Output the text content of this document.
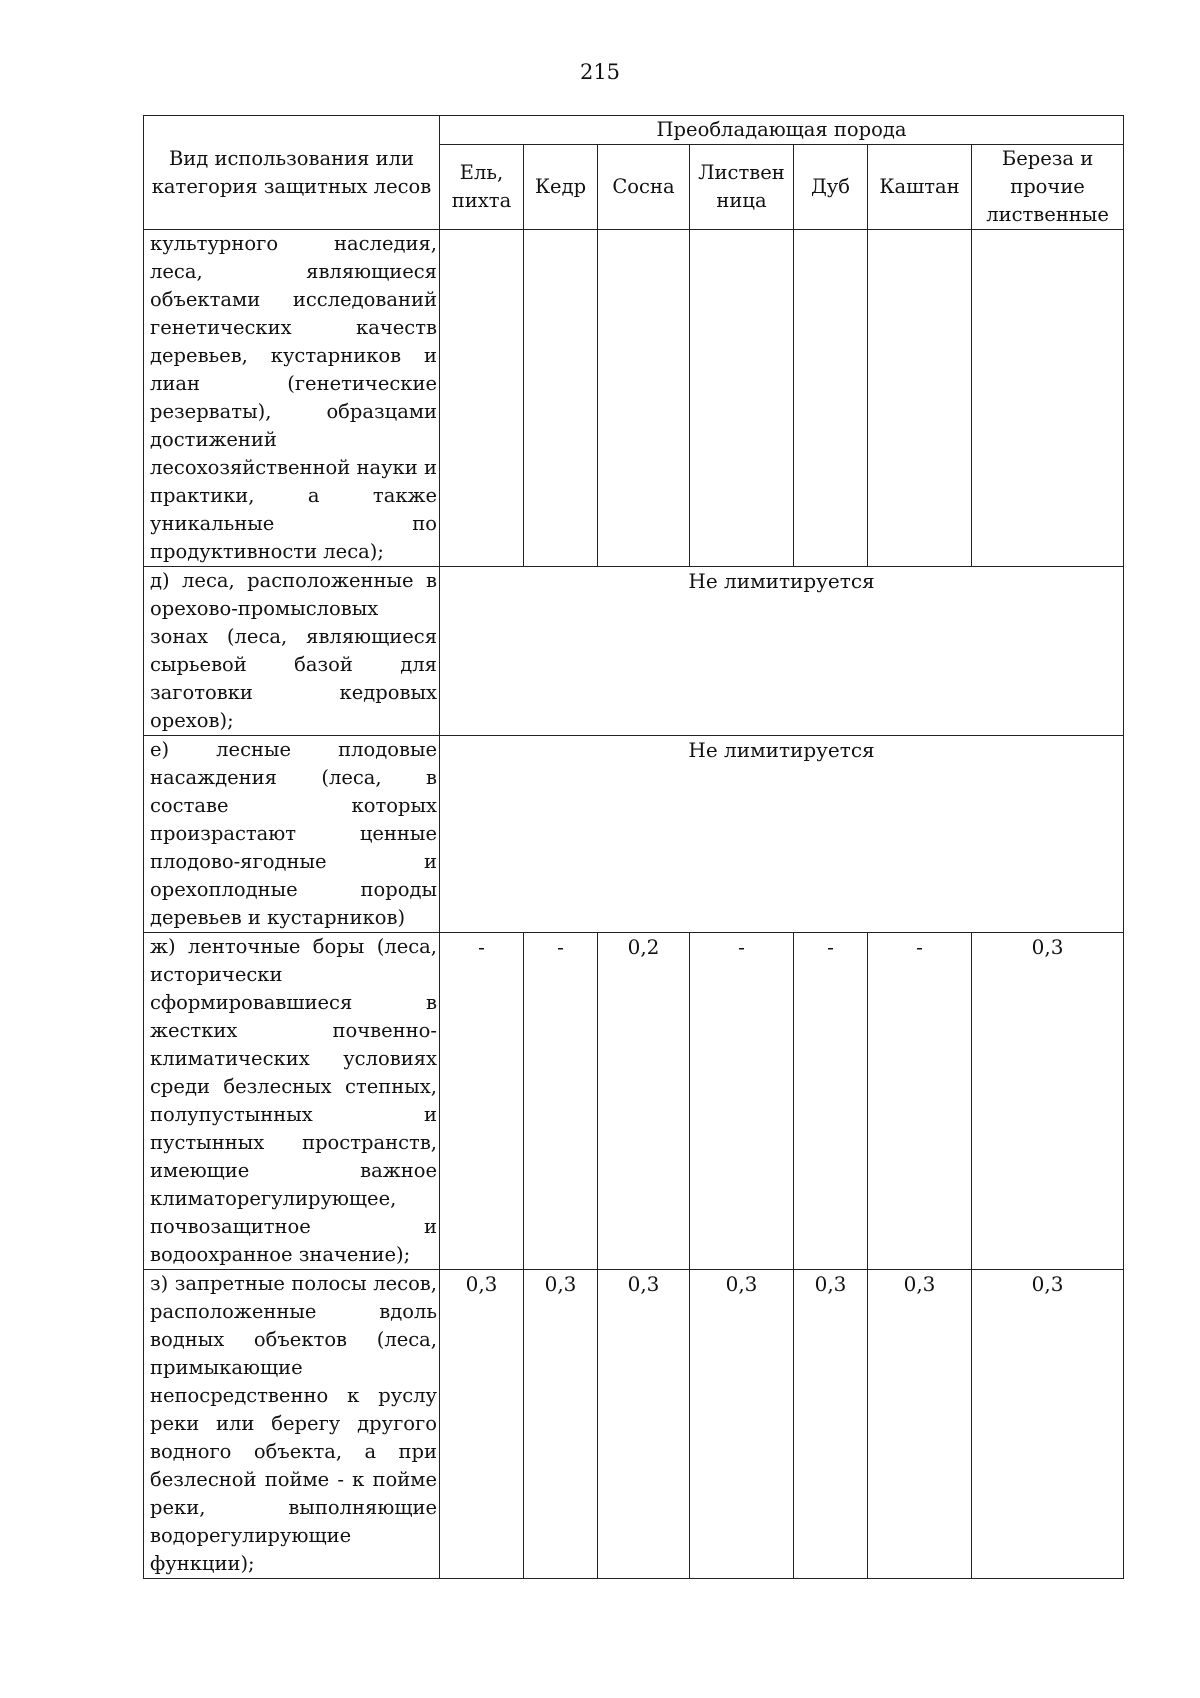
215
Вид использования или категория защитных лесов	Преобладающая порода						
	Ель, пихта	Кедр	Сосна	Листвен ница	Дуб	Каштан	Береза и прочие лиственные
культурного наследия, леса, являющиеся объектами исследований генетических качеств деревьев, кустарников и лиан (генетические резерваты), образцами достижений лесохозяйственной науки и практики, а также уникальные по продуктивности леса);							
д) леса, расположенные в орехово-промысловых зонах (леса, являющиеся сырьевой базой для заготовки кедровых орехов);	Не лимитируется						
е) лесные плодовые насаждения (леса, в составе которых произрастают ценные плодово-ягодные и орехоплодные породы деревьев и кустарников)	Не лимитируется						
ж) ленточные боры (леса, исторически сформировавшиеся в жестких почвенно-климатических условиях среди безлесных степных, полупустынных и пустынных пространств, имеющие важное климаторегулирующее, почвозащитное и водоохранное значение);	-	-	0,2	-	-	-	0,3
з) запретные полосы лесов, расположенные вдоль водных объектов (леса, примыкающие непосредственно к руслу реки или берегу другого водного объекта, а при безлесной пойме - к пойме реки, выполняющие водорегулирующие функции);	0,3	0,3	0,3	0,3	0,3	0,3	0,3
